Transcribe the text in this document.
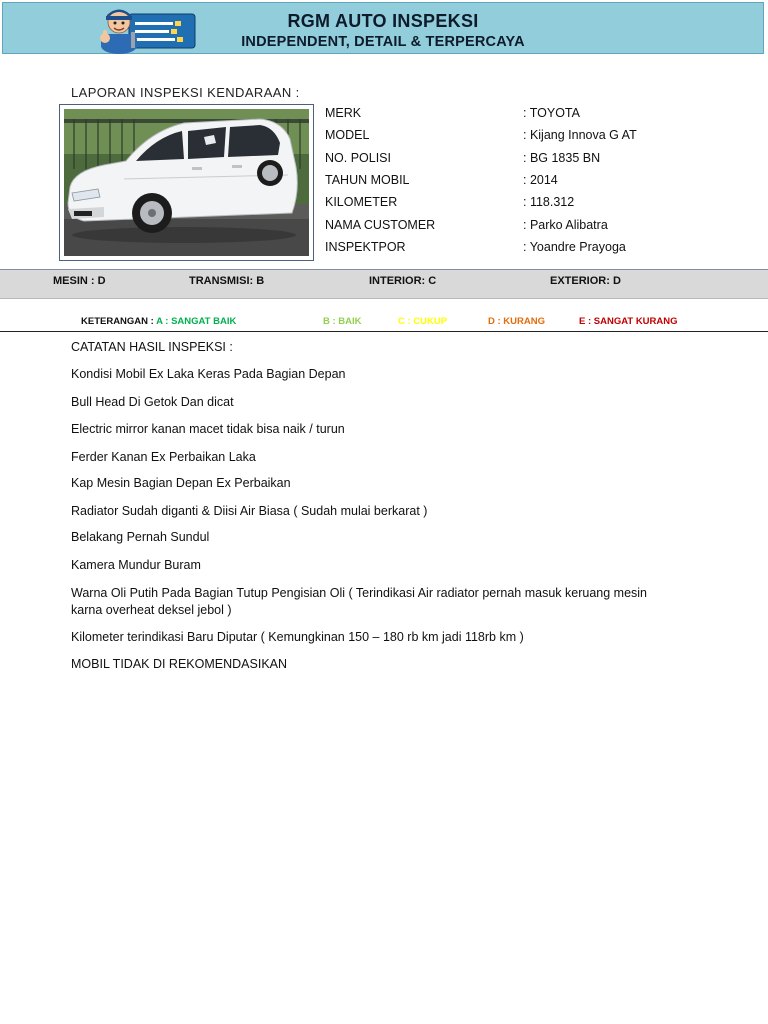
RGM AUTO INSPEKSI
INDEPENDENT, DETAIL & TERPERCAYA
LAPORAN INSPEKSI KENDARAAN :
MERK	: TOYOTA
MODEL	: Kijang Innova G AT
NO. POLISI	: BG 1835 BN
TAHUN MOBIL	: 2014
KILOMETER	: 118.312
NAMA CUSTOMER	: Parko Alibatra
INSPEKTPOR	: Yoandre Prayoga
MESIN : D	TRANSMISI: B	INTERIOR: C	EXTERIOR: D
KETERANGAN : A : SANGAT BAIK	B : BAIK	C : CUKUP	D : KURANG	E : SANGAT KURANG
CATATAN HASIL INSPEKSI :
Kondisi Mobil Ex Laka Keras Pada Bagian Depan
Bull Head Di Getok Dan dicat
Electric mirror kanan macet tidak bisa naik / turun
Ferder Kanan Ex Perbaikan Laka
Kap Mesin Bagian Depan Ex Perbaikan
Radiator Sudah diganti & Diisi Air Biasa ( Sudah mulai berkarat )
Belakang Pernah Sundul
Kamera Mundur Buram
Warna Oli Putih Pada Bagian Tutup Pengisian Oli ( Terindikasi Air radiator pernah masuk keruang mesin karna overheat deksel jebol )
Kilometer terindikasi Baru Diputar ( Kemungkinan 150 – 180 rb km jadi 118rb km )
MOBIL TIDAK DI REKOMENDASIKAN
